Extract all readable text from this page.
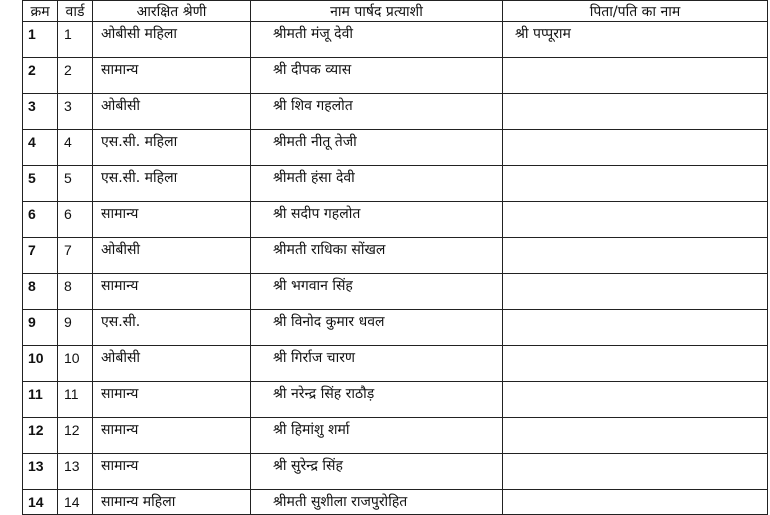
क्रम	वार्ड	आरक्षित श्रेणी	नाम पार्षद प्रत्याशी	पिता/पति का नाम
1	1	ओबीसी महिला	श्रीमती मंजू देवी	श्री पप्पूराम
2	2	सामान्य	श्री दीपक व्यास	
3	3	ओबीसी	श्री शिव गहलोत	
4	4	एस.सी. महिला	श्रीमती नीतू तेजी	
5	5	एस.सी. महिला	श्रीमती हंसा देवी	
6	6	सामान्य	श्री सदीप गहलोत	
7	7	ओबीसी	श्रीमती राधिका सोंखल	
8	8	सामान्य	श्री भगवान सिंह	
9	9	एस.सी.	श्री विनोद कुमार धवल	
10	10	ओबीसी	श्री गिर्राज चारण	
11	11	सामान्य	श्री नरेन्द्र सिंह राठौड़	
12	12	सामान्य	श्री हिमांशु शर्मा	
13	13	सामान्य	श्री सुरेन्द्र सिंह	
14	14	सामान्य महिला	श्रीमती सुशीला राजपुरोहित	
